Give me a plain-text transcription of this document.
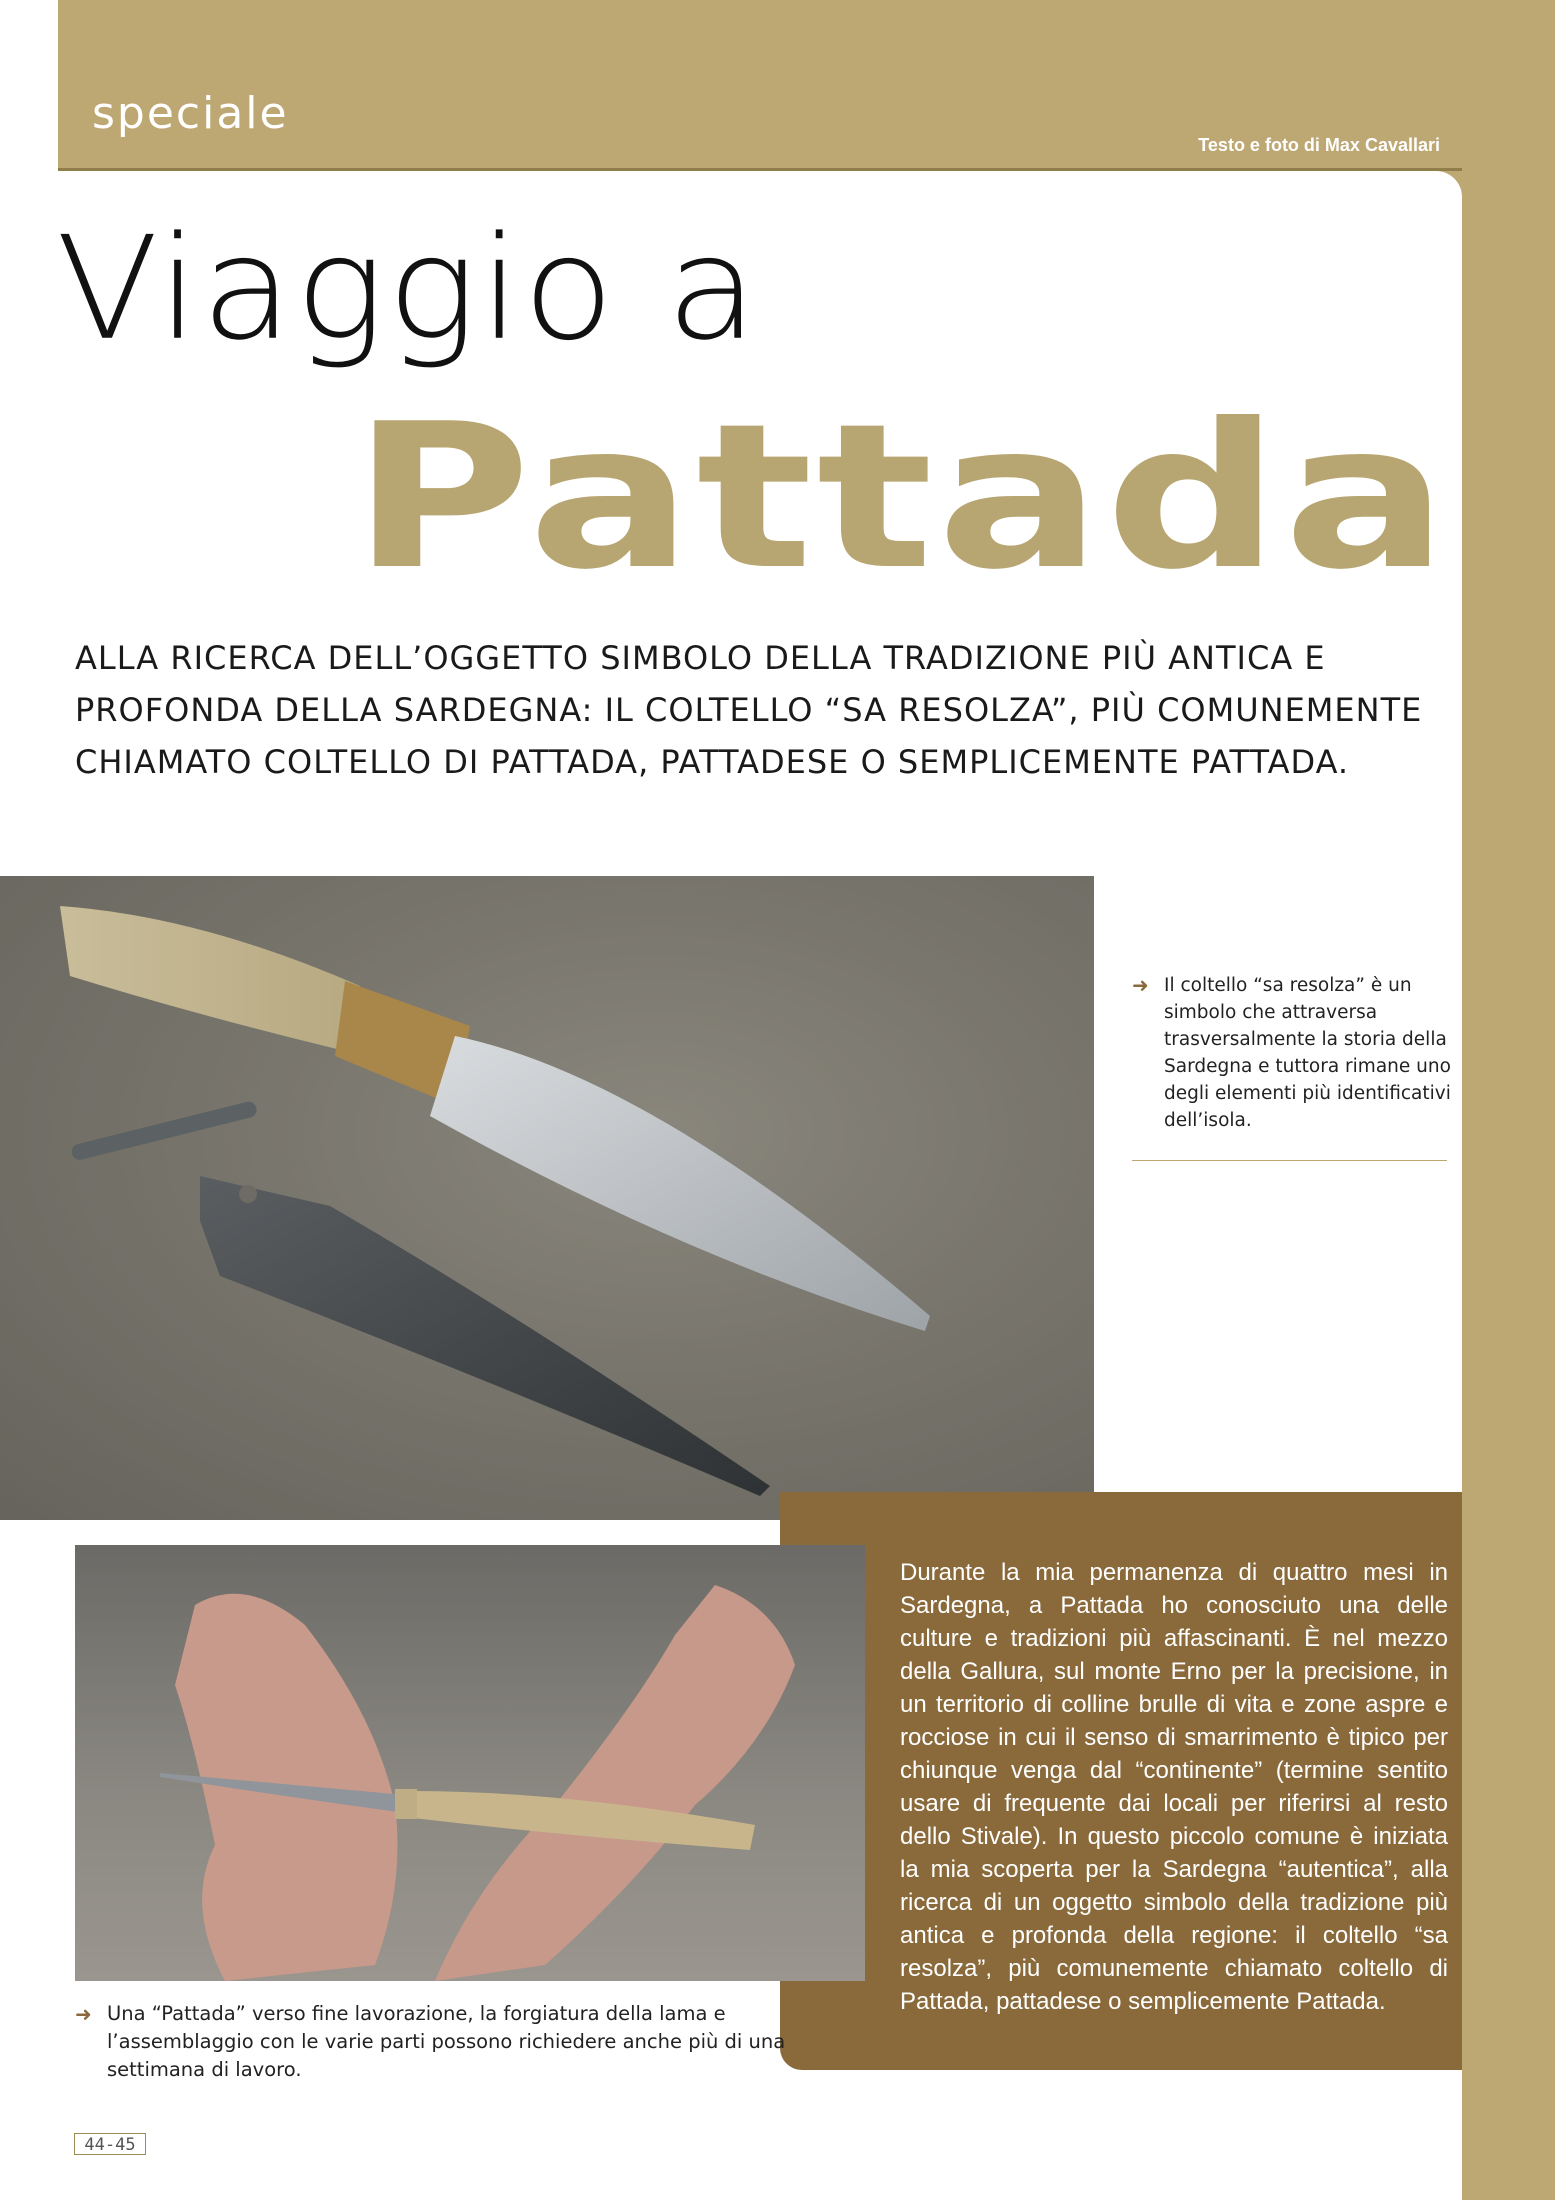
speciale
Testo e foto di Max Cavallari
Viaggio a
Pattada
ALLA RICERCA DELL’OGGETTO SIMBOLO DELLA TRADIZIONE PIÙ ANTICA E PROFONDA DELLA SARDEGNA: IL COLTELLO “SA RESOLZA”, PIÙ COMUNEMENTE CHIAMATO COLTELLO DI PATTADA, PATTADESE O SEMPLICEMENTE PATTADA.
➜ Il coltello “sa resolza” è un simbolo che attraversa trasversalmente la storia della Sardegna e tuttora rimane uno degli elementi più identificativi dell’isola.
Durante la mia permanenza di quattro mesi in Sardegna, a Pattada ho conosciuto una delle culture e tradizioni più affascinanti. È nel mezzo della Gallura, sul monte Erno per la precisione, in un territorio di colline brulle di vita e zone aspre e rocciose in cui il senso di smarrimento è tipico per chiunque venga dal “continente” (termine sentito usare di frequente dai locali per riferirsi al resto dello Stivale). In questo piccolo comune è iniziata la mia scoperta per la Sardegna “autentica”, alla ricerca di un oggetto simbolo della tradizione più antica e profonda della regione: il coltello “sa resolza”, più comunemente chiamato coltello di Pattada, pattadese o semplicemente Pattada.
➜ Una “Pattada” verso fine lavorazione, la forgiatura della lama e l’assemblaggio con le varie parti possono richiedere anche più di una settimana di lavoro.
44-45
